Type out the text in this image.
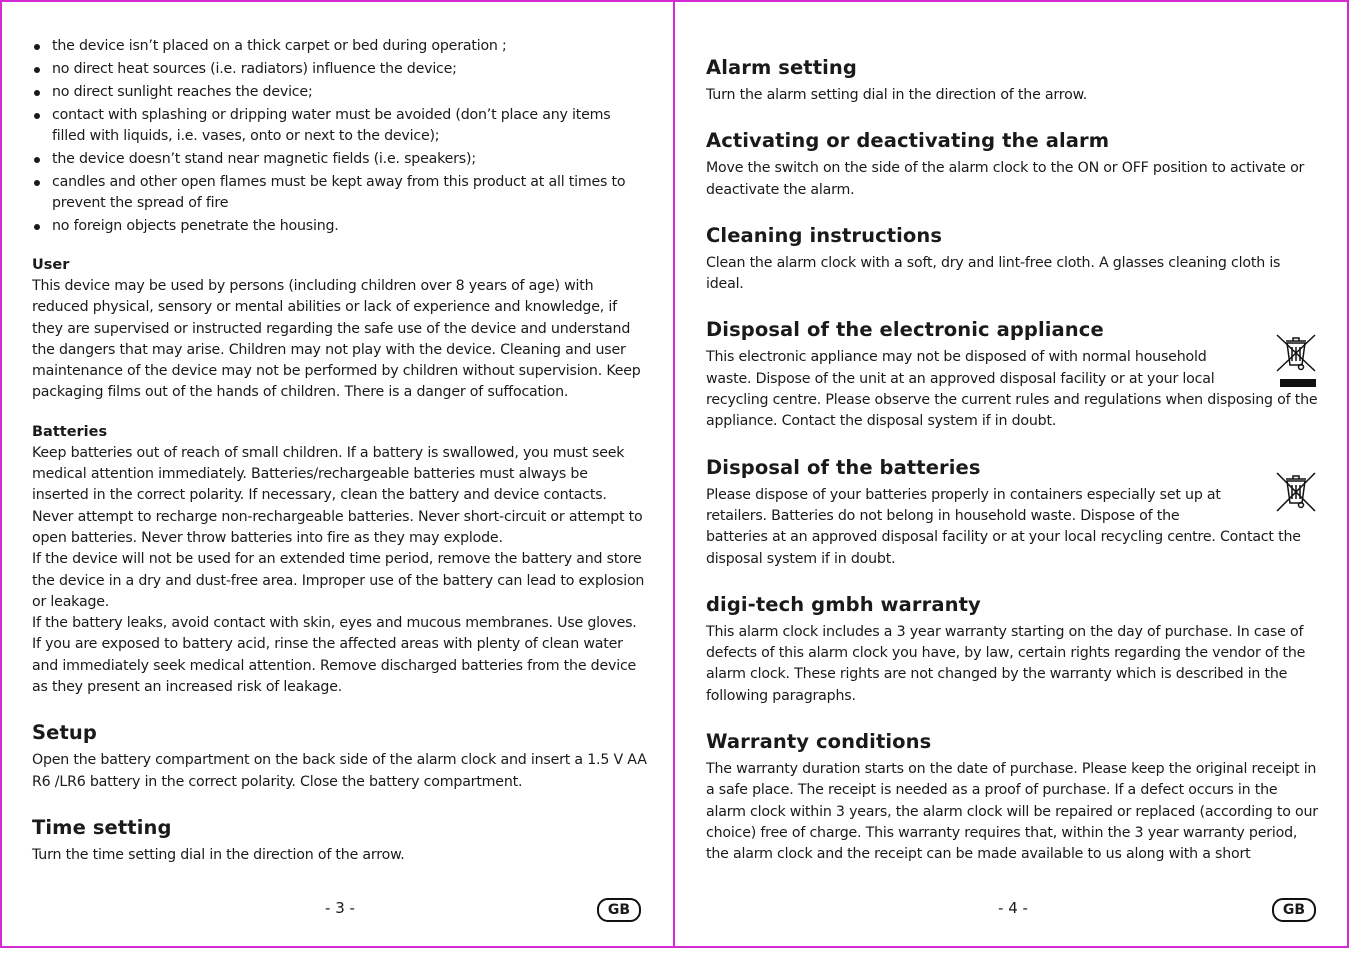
the device isn’t placed on a thick carpet or bed during operation ;
no direct heat sources (i.e. radiators) influence the device;
no direct sunlight reaches the device;
contact with splashing or dripping water must be avoided (don’t place any items filled with liquids, i.e. vases, onto or next to the device);
the device doesn’t stand near magnetic fields (i.e. speakers);
candles and other open flames must be kept away from this product at all times to prevent the spread of fire
no foreign objects penetrate the housing.
User

This device may be used by persons (including children over 8 years of age) with reduced physical, sensory or mental abilities or lack of experience and knowledge, if they are supervised or instructed regarding the safe use of the device and understand the dangers that may arise. Children may not play with the device. Cleaning and user maintenance of the device may not be performed by children without supervision. Keep packaging films out of the hands of children. There is a danger of suffocation.

Batteries

Keep batteries out of reach of small children. If a battery is swallowed, you must seek medical attention immediately. Batteries/rechargeable batteries must always be inserted in the correct polarity. If necessary, clean the battery and device contacts. Never attempt to recharge non-rechargeable batteries. Never short-circuit or attempt to open batteries. Never throw batteries into fire as they may explode.

If the device will not be used for an extended time period, remove the battery and store the device in a dry and dust-free area. Improper use of the battery can lead to explosion or leakage.

If the battery leaks, avoid contact with skin, eyes and mucous membranes. Use gloves. If you are exposed to battery acid, rinse the affected areas with plenty of clean water and immediately seek medical attention. Remove discharged batteries from the device as they present an increased risk of leakage.

Setup

Open the battery compartment on the back side of the alarm clock and insert a 1.5 V AA R6 /LR6 battery in the correct polarity. Close the battery compartment.

Time setting

Turn the time setting dial in the direction of the arrow.

- 3 -	GB
Alarm setting

Turn the alarm setting dial in the direction of the arrow.

Activating or deactivating the alarm

Move the switch on the side of the alarm clock to the ON or OFF position to activate or deactivate the alarm.

Cleaning instructions

Clean the alarm clock with a soft, dry and lint-free cloth. A glasses cleaning cloth is ideal.

Disposal of the electronic appliance

This electronic appliance may not be disposed of with normal household waste. Dispose of the unit at an approved disposal facility or at your local recycling centre. Please observe the current rules and regulations when disposing of the appliance. Contact the disposal system if in doubt.

Disposal of the batteries

Please dispose of your batteries properly in containers especially set up at retailers. Batteries do not belong in household waste. Dispose of the batteries at an approved disposal facility or at your local recycling centre. Contact the disposal system if in doubt.

digi-tech gmbh warranty

This alarm clock includes a 3 year warranty starting on the day of purchase. In case of defects of this alarm clock you have, by law, certain rights regarding the vendor of the alarm clock. These rights are not changed by the warranty which is described in the following paragraphs.

Warranty conditions

The warranty duration starts on the date of purchase. Please keep the original receipt in a safe place. The receipt is needed as a proof of purchase. If a defect occurs in the alarm clock within 3 years, the alarm clock will be repaired or replaced (according to our choice) free of charge. This warranty requires that, within the 3 year warranty period, the alarm clock and the receipt can be made available to us along with a short

- 4 -	GB
